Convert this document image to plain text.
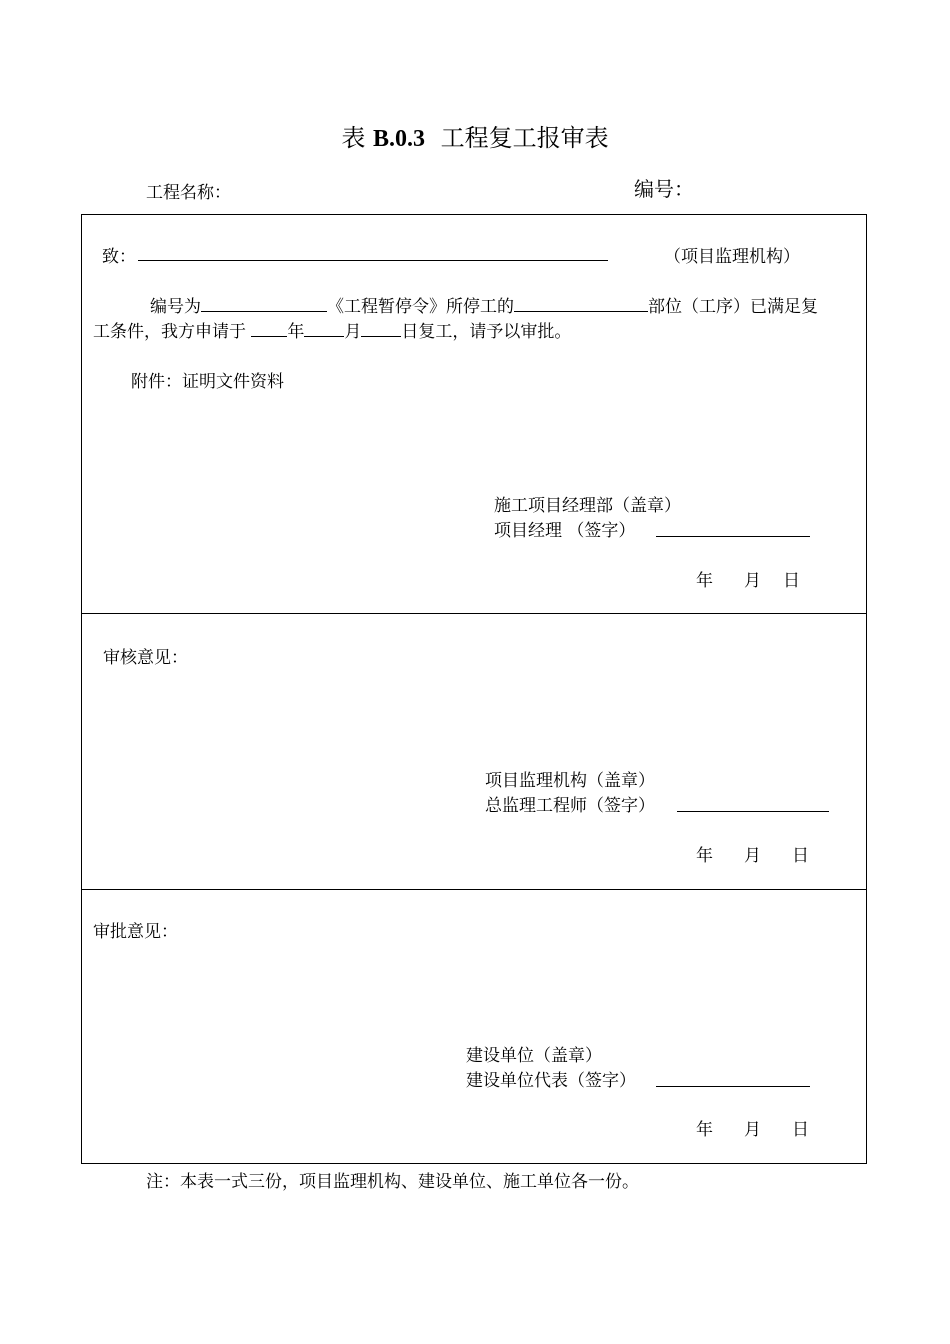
表 B.0.3 工程复工报审表
工程名称：	编号：
致：	（项目监理机构）
编号为	《工程暂停令》所停工的	部位（工序）已满足复
工条件，我方申请于 年 月 日复工，请予以审批。
附件：证明文件资料
施工项目经理部（盖章）
项目经理 （签字）
年 月 日
审核意见：
项目监理机构（盖章）
总监理工程师（签字）
年 月 日
审批意见：
建设单位（盖章）
建设单位代表（签字）
年 月 日
注：本表一式三份，项目监理机构、建设单位、施工单位各一份。
